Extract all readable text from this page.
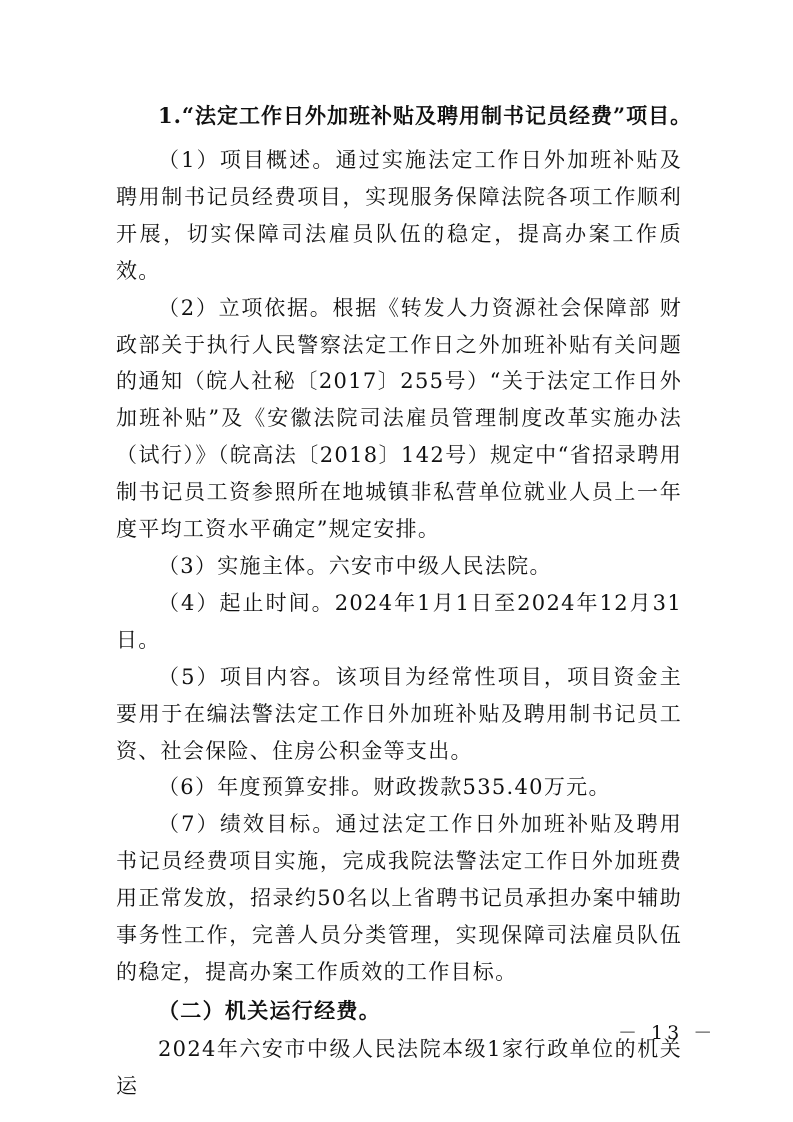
1.“法定工作日外加班补贴及聘用制书记员经费”项目。

（1）项目概述。通过实施法定工作日外加班补贴及聘用制书记员经费项目，实现服务保障法院各项工作顺利开展，切实保障司法雇员队伍的稳定，提高办案工作质效。

（2）立项依据。根据《转发人力资源社会保障部 财政部关于执行人民警察法定工作日之外加班补贴有关问题的通知（皖人社秘〔2017〕255号）“关于法定工作日外加班补贴”及《安徽法院司法雇员管理制度改革实施办法（试行）》（皖高法〔2018〕142号）规定中“省招录聘用制书记员工资参照所在地城镇非私营单位就业人员上一年度平均工资水平确定”规定安排。

（3）实施主体。六安市中级人民法院。

（4）起止时间。2024年1月1日至2024年12月31日。

（5）项目内容。该项目为经常性项目，项目资金主要用于在编法警法定工作日外加班补贴及聘用制书记员工资、社会保险、住房公积金等支出。

（6）年度预算安排。财政拨款535.40万元。

（7）绩效目标。通过法定工作日外加班补贴及聘用书记员经费项目实施，完成我院法警法定工作日外加班费用正常发放，招录约50名以上省聘书记员承担办案中辅助事务性工作，完善人员分类管理，实现保障司法雇员队伍的稳定，提高办案工作质效的工作目标。

（二）机关运行经费。

2024年六安市中级人民法院本级1家行政单位的机关运

－ 13 －
